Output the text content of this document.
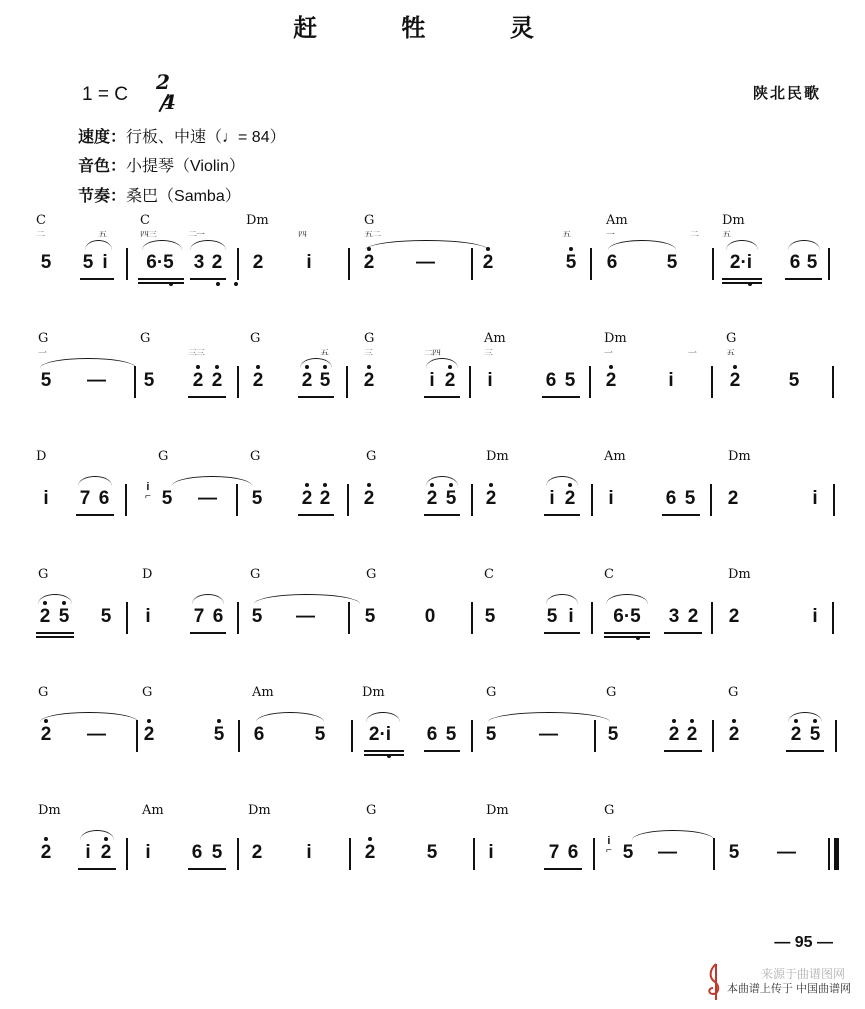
赶 牲 灵
1 = C
2
4	陕北民歌
速度：行板、中速（♩= 84）
音色：小提琴（Violin）
节奏：桑巴（Samba）
C
二	五
C
四三	二一
Dm
四
G
五二	五
Am
一	二
Dm
五
5 5 i	6·5 3 2 2	i	2 —	2	5 6	5	2·i	6 5
G
一
G
三三
G
五
G
三	二四
Am
三
Dm
一	一
G
五
5 — 5 2 2 2 2 5 2	i 2	i	6 5 2	i	2	5
D	G	G	G	Dm	Am	Dm
i	7 6
i
⌐ 5 — 5 2 2 2	2 5 2	i 2	i	6 5 2	i
G	D	G	G	C	C	Dm
2 5 5	i	7 6 5 —	5	0	5	5 i	6·5 3 2 2	i
G	G	Am	Dm	G	G	G
2 — 2	5 6	5	2·i	6 5 5 —	5	2 2 2	2 5
Dm	Am	Dm	G	Dm	G
2	i 2	i	6 5 2	i	2	5	i	7 6
i
⌐ 5 —	5 —
— 95 —
来源于曲谱图网
本曲谱上传于 中国曲谱网
